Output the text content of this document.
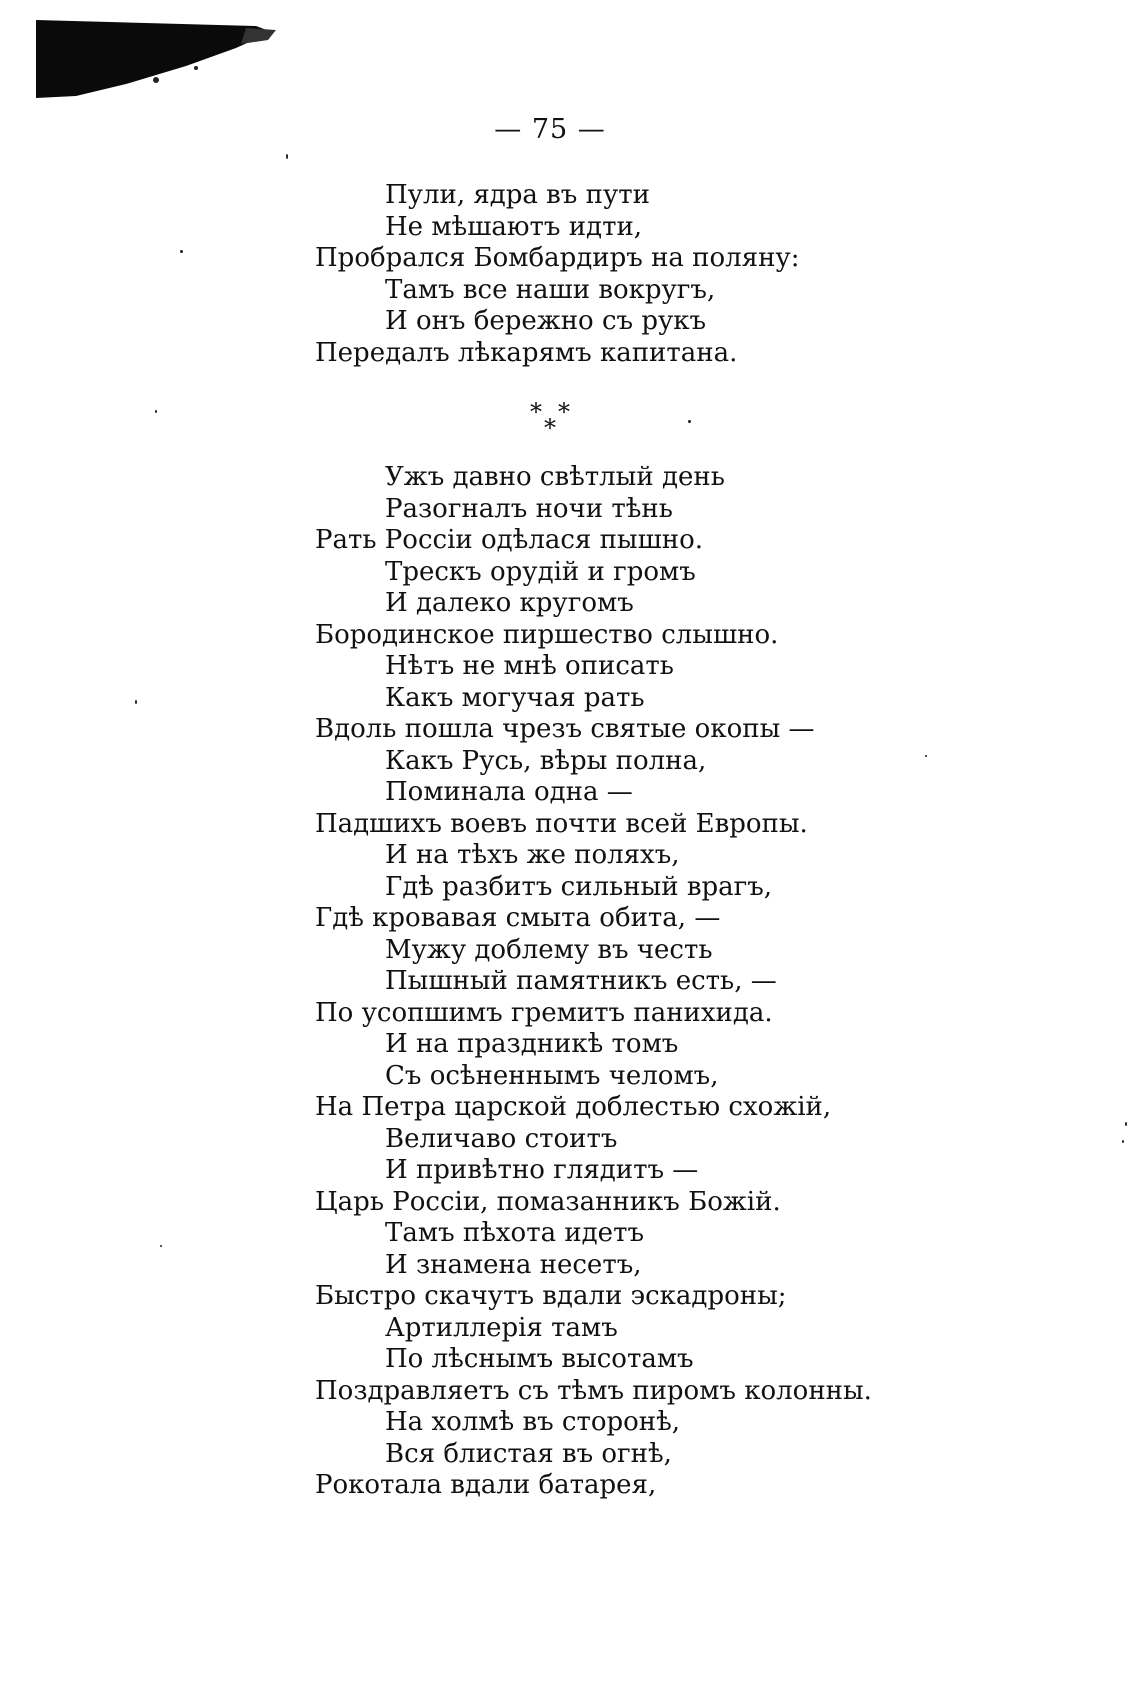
— 75 —
Пули, ядра въ пути
Не мѣшаютъ идти,
Пробрался Бомбардиръ на поляну:
Тамъ все наши вокругъ,
И онъ бережно съ рукъ
Передалъ лѣкарямъ капитана.
* *
*
Ужъ давно свѣтлый день
Разогналъ ночи тѣнь
Рать Россіи одѣлася пышно.
Трескъ орудій и громъ
И далеко кругомъ
Бородинское пиршество слышно.
Нѣтъ не мнѣ описать
Какъ могучая рать
Вдоль пошла чрезъ святые окопы —
Какъ Русь, вѣры полна,
Поминала одна —
Падшихъ воевъ почти всей Европы.
И на тѣхъ же поляхъ,
Гдѣ разбитъ сильный врагъ,
Гдѣ кровавая смыта обита, —
Мужу доблему въ честь
Пышный памятникъ есть, —
По усопшимъ гремитъ панихида.
И на праздникѣ томъ
Съ осѣненнымъ челомъ,
На Петра царской доблестью схожій,
Величаво стоитъ
И привѣтно глядитъ —
Царь Россіи, помазанникъ Божій.
Тамъ пѣхота идетъ
И знамена несетъ,
Быстро скачутъ вдали эскадроны;
Артиллерія тамъ
По лѣснымъ высотамъ
Поздравляетъ съ тѣмъ пиромъ колонны.
На холмѣ въ сторонѣ,
Вся блистая въ огнѣ,
Рокотала вдали батарея,
